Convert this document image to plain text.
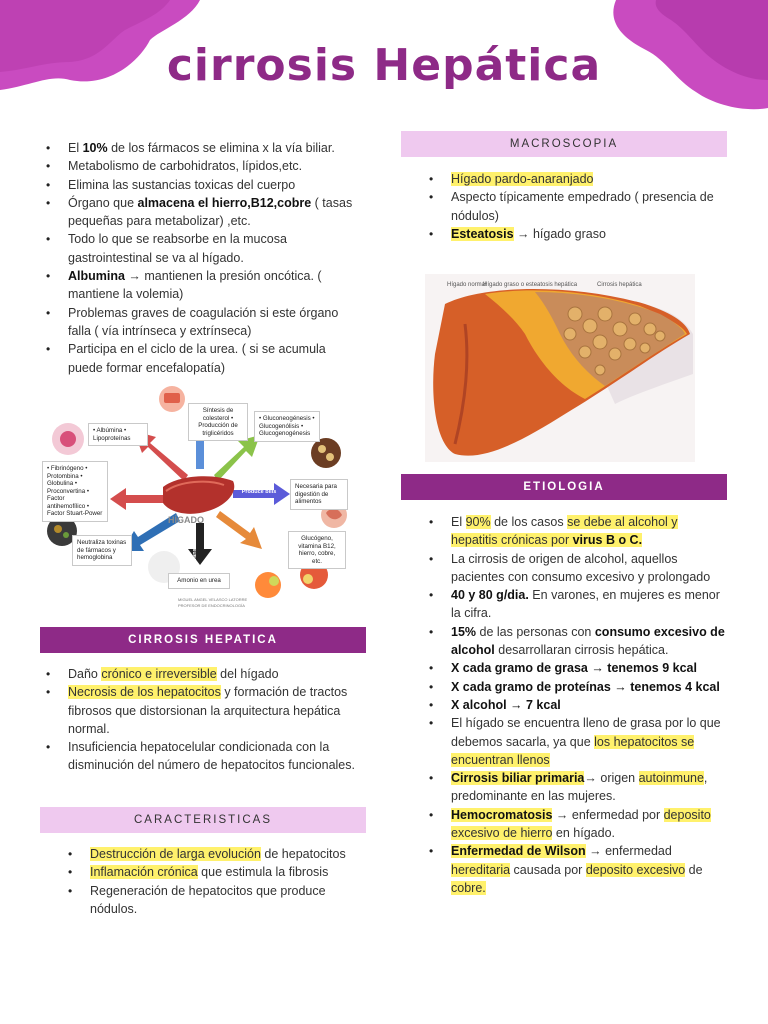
cirrosis Hepática
• El 10% de los fármacos se elimina x la vía biliar.
• Metabolismo de carbohidratos, lípidos,etc.
• Elimina las sustancias toxicas del cuerpo
• Órgano que almacena el hierro,B12,cobre ( tasas pequeñas para metabolizar) ,etc.
• Todo lo que se reabsorbe en la mucosa gastrointestinal se va al hígado.
• Albumina → mantienen la presión oncótica. ( mantiene la volemia)
• Problemas graves de coagulación si este órgano falla ( vía intrínseca y extrínseca)
• Participa en el ciclo de la urea. ( si se acumula puede formar encefalopatía)
Síntesis de colesterol • Producción de triglicéridos
• Albúmina • Lipoproteínas
• Gluconeogénesis • Glucogenólisis • Glucogenogénesis
• Fibrinógeno • Protombina • Globulina • Proconvertina • Factor antihemofílico • Factor Stuart-Power
Necesaria para digestión de alimentos
Neutraliza toxinas de fármacos y hemoglobina
Glucógeno, vitamina B12, hierro, cobre, etc.
Amonio en urea
Produce bilis
HÍGADO
Transforma
MIGUEL ANGEL VELASCO LATORRE
PROFESOR DE ENDOCRINOLOGÍA
CIRROSIS HEPATICA
• Daño crónico e irreversible del hígado
• Necrosis de los hepatocitos y formación de tractos fibrosos que distorsionan la arquitectura hepática normal.
• Insuficiencia hepatocelular condicionada con la disminución del número de hepatocitos funcionales.
CARACTERISTICAS
• Destrucción de larga evolución de hepatocitos
• Inflamación crónica que estimula la fibrosis
• Regeneración de hepatocitos que produce nódulos.
MACROSCOPIA
• Hígado pardo-anaranjado
• Aspecto típicamente empedrado ( presencia de nódulos)
• Esteatosis → hígado graso
Hígado normal
Hígado graso o esteatosis hepática	Cirrosis hepática
ETIOLOGIA
• El 90% de los casos se debe al alcohol y hepatitis crónicas por virus B o C.
• La cirrosis de origen de alcohol, aquellos pacientes con consumo excesivo y prolongado
• 40 y 80 g/dia. En varones, en mujeres es menor la cifra.
• 15% de las personas con consumo excesivo de alcohol desarrollaran cirrosis hepática.
• X cada gramo de grasa → tenemos 9 kcal
• X cada gramo de proteínas → tenemos 4 kcal
• X alcohol → 7 kcal
• El hígado se encuentra lleno de grasa por lo que debemos sacarla, ya que los hepatocitos se encuentran llenos
• Cirrosis biliar primaria→ origen autoinmune, predominante en las mujeres.
• Hemocromatosis → enfermedad por deposito excesivo de hierro en hígado.
• Enfermedad de Wilson → enfermedad hereditaria causada por deposito excesivo de cobre.
